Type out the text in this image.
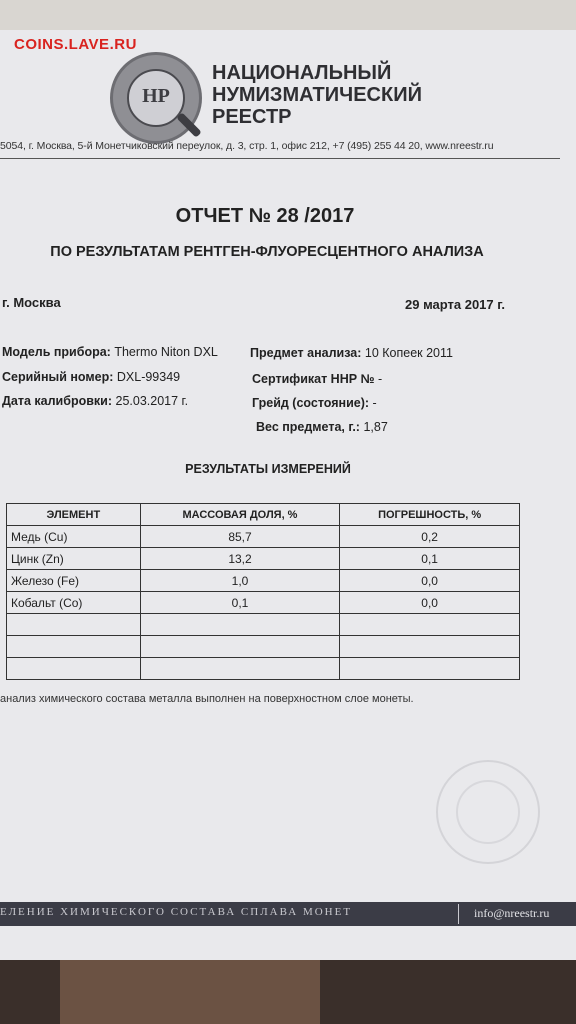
COINS.LAVE.RU
HP
НАЦИОНАЛЬНЫЙ
НУМИЗМАТИЧЕСКИЙ
РЕЕСТР
5054, г. Москва, 5-й Монетчиковский переулок, д. 3, стр. 1, офис 212, +7 (495) 255 44 20, www.nreestr.ru
ОТЧЕТ № 28 /2017
ПО РЕЗУЛЬТАТАМ РЕНТГЕН-ФЛУОРЕСЦЕНТНОГО АНАЛИЗА
г. Москва	29 марта 2017 г.
Модель прибора: Thermo Niton DXL
Серийный номер: DXL-99349
Дата калибровки: 25.03.2017 г.
Предмет анализа: 10 Копеек 2011
Сертификат ННР № -
Грейд (состояние): -
Вес предмета, г.: 1,87
РЕЗУЛЬТАТЫ ИЗМЕРЕНИЙ
ЭЛЕМЕНТ	МАССОВАЯ ДОЛЯ, %	ПОГРЕШНОСТЬ, %
Медь (Cu)	85,7	0,2
Цинк (Zn)	13,2	0,1
Железо (Fe)	1,0	0,0
Кобальт (Co)	0,1	0,0

анализ химического состава металла выполнен на поверхностном слое монеты.
ЕЛЕНИЕ ХИМИЧЕСКОГО СОСТАВА СПЛАВА МОНЕТ	info@nreestr.ru
